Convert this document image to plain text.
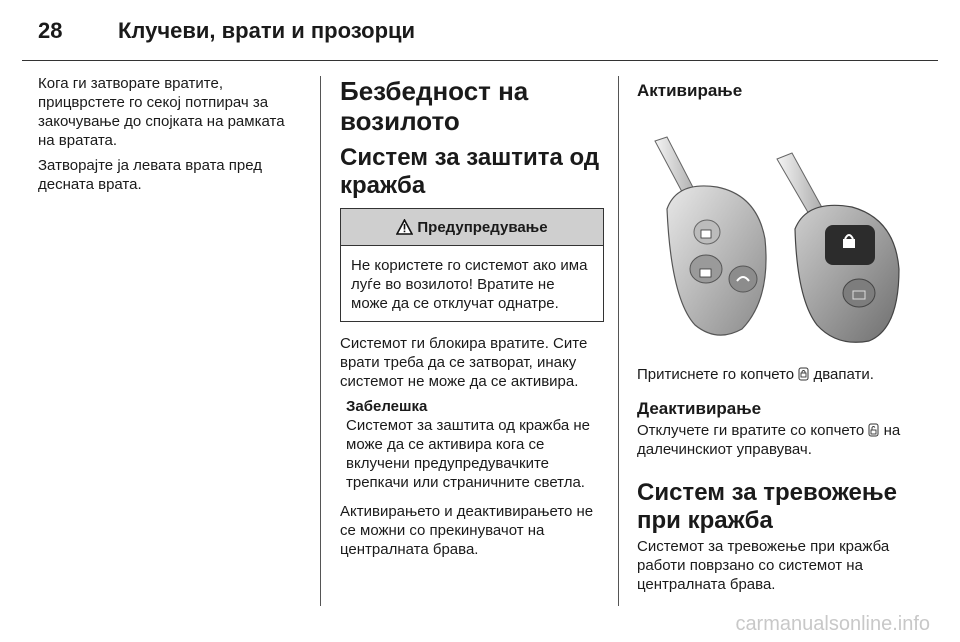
28	Клучеви, врати и прозорци

Кога ги затворате вратите, прицврстете го секој потпирач за закочување до спојката на рамката на вратата.

Затворајте ја левата врата пред десната врата.

Безбедност на возилото
Систем за заштита од кражба
Предупредување
Не користете го системот ако има луѓе во возилото! Вратите не може да се отклучат однатре.

Системот ги блокира вратите. Сите врати треба да се затворат, инаку системот не може да се активира.

Забелешка
Системот за заштита од кражба не може да се активира кога се вклучени предупредувачките трепкачи или страничните светла.

Активирањето и деактивирањето не се можни со прекинувачот на централната брава.

Активирање

Притиснете го копчето двапати.

Деактивирање

Отклучете ги вратите со копчето на далечинскиот управувач.

Систем за тревожење при кражба

Системот за тревожење при кражба работи поврзано со системот на централната брава.

carmanualsonline.info
